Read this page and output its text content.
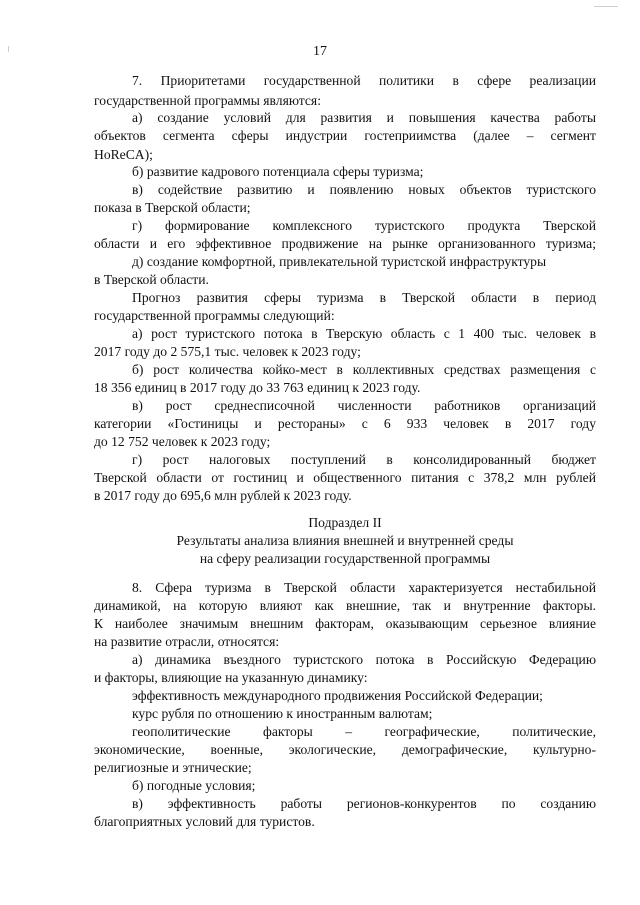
17
7. Приоритетами государственной политики в сфере реализации
государственной программы являются:
а) создание условий для развития и повышения качества работы
объектов сегмента сферы индустрии гостеприимства (далее – сегмент
HoReCA);
б) развитие кадрового потенциала сферы туризма;
в) содействие развитию и появлению новых объектов туристского
показа в Тверской области;
г) формирование комплексного туристского продукта Тверской
области и его эффективное продвижение на рынке организованного туризма;
д) создание комфортной, привлекательной туристской инфраструктуры
в Тверской области.
Прогноз развития сферы туризма в Тверской области в период
государственной программы следующий:
а) рост туристского потока в Тверскую область с 1 400 тыс. человек в
2017 году до 2 575,1 тыс. человек к 2023 году;
б) рост количества койко-мест в коллективных средствах размещения с
18 356 единиц в 2017 году до 33 763 единиц к 2023 году.
в) рост среднесписочной численности работников организаций
категории «Гостиницы и рестораны» с 6 933 человек в 2017 году
до 12 752 человек к 2023 году;
г) рост налоговых поступлений в консолидированный бюджет
Тверской области от гостиниц и общественного питания с 378,2 млн рублей
в 2017 году до 695,6 млн рублей к 2023 году.
Подраздел II
Результаты анализа влияния внешней и внутренней среды
на сферу реализации государственной программы
8. Сфера туризма в Тверской области характеризуется нестабильной
динамикой, на которую влияют как внешние, так и внутренние факторы.
К наиболее значимым внешним факторам, оказывающим серьезное влияние
на развитие отрасли, относятся:
а) динамика въездного туристского потока в Российскую Федерацию
и факторы, влияющие на указанную динамику:
эффективность международного продвижения Российской Федерации;
курс рубля по отношению к иностранным валютам;
геополитические факторы – географические, политические,
экономические, военные, экологические, демографические, культурно-
религиозные и этнические;
б) погодные условия;
в) эффективность работы регионов-конкурентов по созданию
благоприятных условий для туристов.
